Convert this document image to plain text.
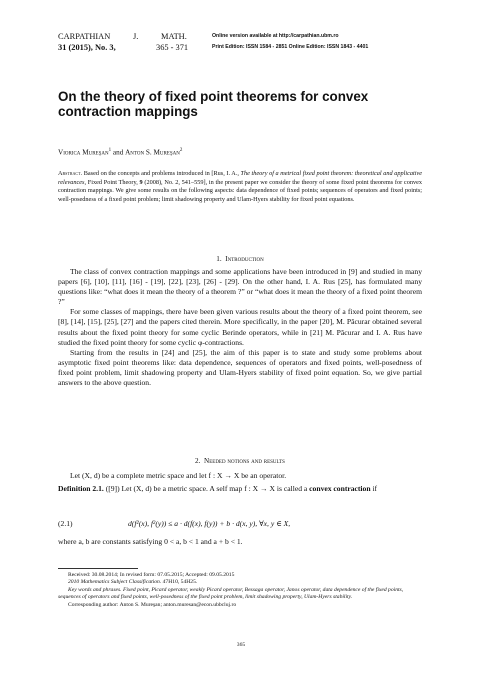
CARPATHIAN	J.	MATH.
31 (2015), No. 3,	365 - 371
Online version available at http://carpathian.ubm.ro
Print Edition: ISSN 1584 - 2851 Online Edition: ISSN 1843 - 4401
On the theory of fixed point theorems for convex
contraction mappings
Viorica Mureşan$^1$ and Anton S. Mureşan$^2$
Abstract. Based on the concepts and problems introduced in [Rus, I. A., The theory of a metrical fixed point theorem: theoretical and applicative relevances, Fixed Point Theory, 9 (2008), No. 2, 541–559], in the present paper we consider the theory of some fixed point theorems for convex contraction mappings. We give some results on the following aspects: data dependence of fixed points; sequences of operators and fixed points; well-posedness of a fixed point problem; limit shadowing property and Ulam-Hyers stability for fixed point equations.
1. Introduction

The class of convex contraction mappings and some applications have been introduced in [9] and studied in many papers [6], [10], [11], [16] - [19], [22], [23], [26] - [29]. On the other hand, I. A. Rus [25], has formulated many questions like: “what does it mean the theory of a theorem ?” or “what does it mean the theory of a fixed point theorem ?”

For some classes of mappings, there have been given various results about the theory of a fixed point theorem, see [8], [14], [15], [25], [27] and the papers cited therein. More specifically, in the paper [20], M. Păcurar obtained several results about the fixed point theory for some cyclic Berinde operators, while in [21] M. Păcurar and I. A. Rus have studied the fixed point theory for some cyclic φ-contractions.

Starting from the results in [24] and [25], the aim of this paper is to state and study some problems about asymptotic fixed point theorems like: data dependence, sequences of operators and fixed points, well-posedness of fixed point problem, limit shadowing property and Ulam-Hyers stability of fixed point equation. So, we give partial answers to the above question.

2. Needed notions and results

Let (X, d) be a complete metric space and let f : X → X be an operator.

Definition 2.1. ([9]) Let (X, d) be a metric space. A self map f : X → X is called a convex contraction if

(2.1)	d(f²(x), f²(y)) ≤ a · d(f(x), f(y)) + b · d(x, y), ∀x, y ∈ X,

where a, b are constants satisfying 0 < a, b < 1 and a + b < 1.

Received: 30.08.2014; In revised form: 07.05.2015; Accepted: 09.05.2015
2010 Mathematics Subject Classification. 47H10, 54H25.
Key words and phrases. Fixed point, Picard operator, weakly Picard operator, Bessaga operator, Janos operator, data dependence of the fixed points, sequences of operators and fixed points, well-posedness of the fixed point problem, limit shadowing property, Ulam-Hyers stability.
Corresponding author: Anton S. Mureşan; anton.muresan@econ.ubbcluj.ro
365
